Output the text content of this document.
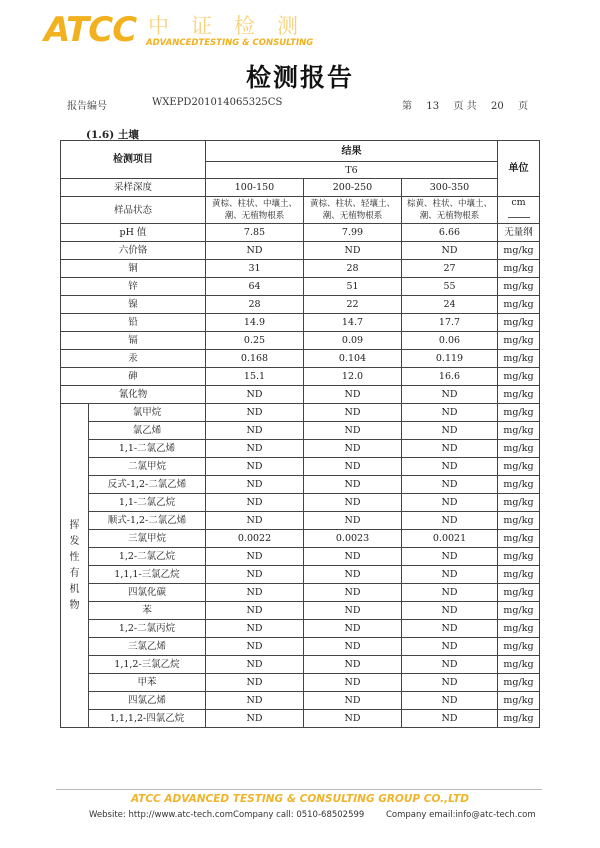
ATCC 中证检测
ADVANCEDTESTING & CONSULTING
检测报告
报告编号	WXEPD201014065325CS	第 13 页 共 20 页
(1.6) 土壤
检测项目		结果			单位
		T6			
采样深度		100-150	200-250	300-350	
样品状态		黄棕、柱状、中壤土、潮、无植物根系	黄棕、柱状、轻壤土、潮、无植物根系	棕黄、柱状、中壤土、潮、无植物根系	cm

pH 值		7.85	7.99	6.66	无量纲
六价铬		ND	ND	ND	mg/kg
铜		31	28	27	mg/kg
锌		64	51	55	mg/kg
镍		28	22	24	mg/kg
铅		14.9	14.7	17.7	mg/kg
镉		0.25	0.09	0.06	mg/kg
汞		0.168	0.104	0.119	mg/kg
砷		15.1	12.0	16.6	mg/kg
氰化物		ND	ND	ND	mg/kg

挥发性有机物	氯甲烷	ND	ND	ND	mg/kg
	氯乙烯	ND	ND	ND	mg/kg
	1,1-二氯乙烯	ND	ND	ND	mg/kg
	二氯甲烷	ND	ND	ND	mg/kg
	反式-1,2-二氯乙烯	ND	ND	ND	mg/kg
	1,1-二氯乙烷	ND	ND	ND	mg/kg
	顺式-1,2-二氯乙烯	ND	ND	ND	mg/kg
	三氯甲烷	0.0022	0.0023	0.0021	mg/kg
	1,2-二氯乙烷	ND	ND	ND	mg/kg
	1,1,1-三氯乙烷	ND	ND	ND	mg/kg
	四氯化碳	ND	ND	ND	mg/kg
	苯	ND	ND	ND	mg/kg
	1,2-二氯丙烷	ND	ND	ND	mg/kg
	三氯乙烯	ND	ND	ND	mg/kg
	1,1,2-三氯乙烷	ND	ND	ND	mg/kg
	甲苯	ND	ND	ND	mg/kg
	四氯乙烯	ND	ND	ND	mg/kg
	1,1,1,2-四氯乙烷	ND	ND	ND	mg/kg
ATCC ADVANCED TESTING & CONSULTING GROUP CO.,LTD
Website: http://www.atc-tech.comCompany call: 0510-68502599	Company email:info@atc-tech.com
